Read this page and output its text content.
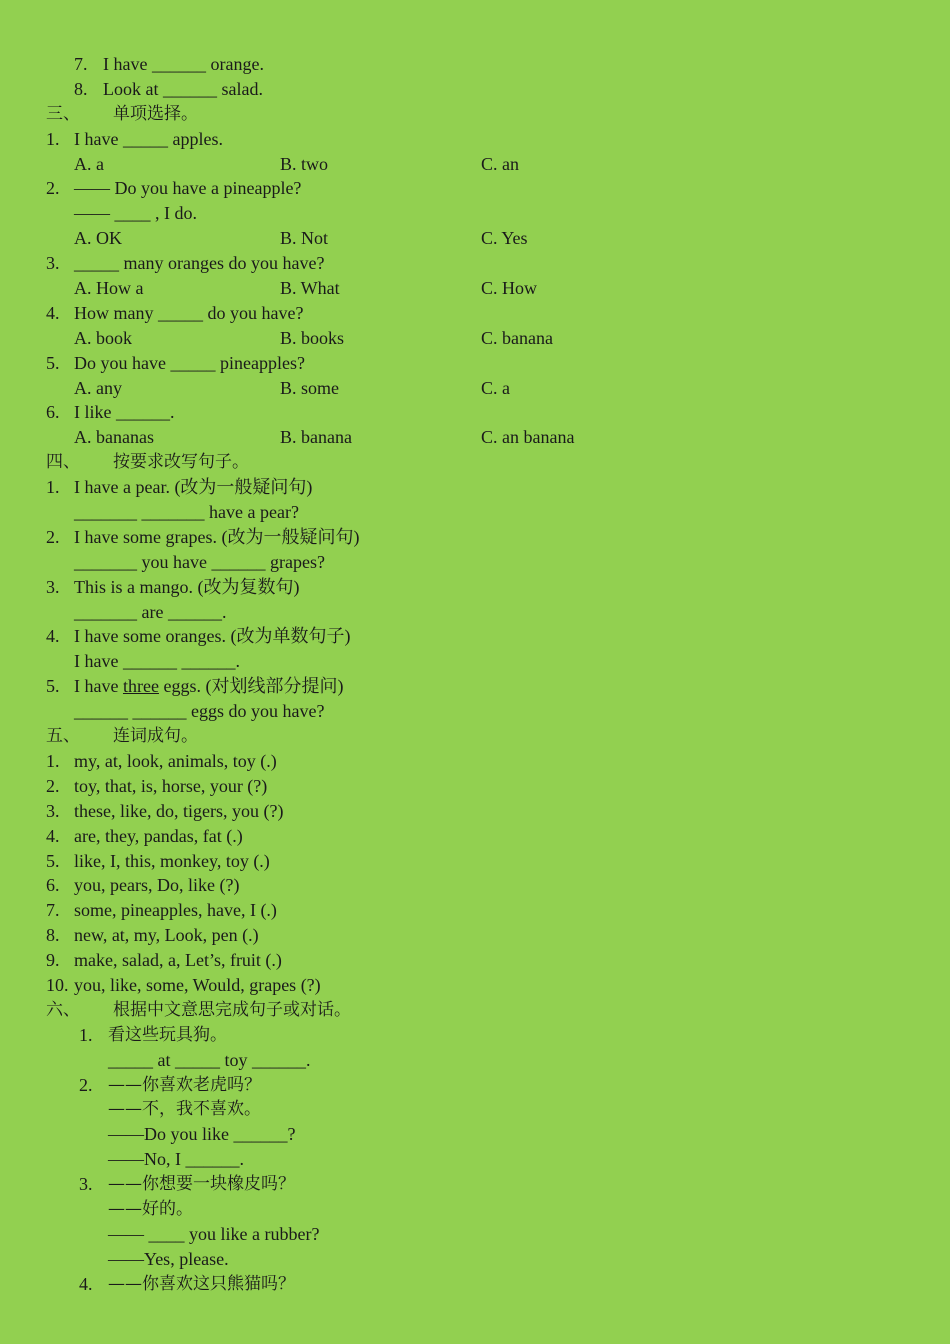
7. I have ______ orange.
8. Look at ______ salad.
三、 单项选择。
1. I have _____ apples.
A. a	B. two	C. an
2. —— Do you have a pineapple?
—— ____ , I do.
A. OK	B. Not	C. Yes
3. _____ many oranges do you have?
A. How a	B. What	C. How
4. How many _____ do you have?
A. book	B. books	C. banana
5. Do you have _____ pineapples?
A. any	B. some	C. a
6. I like ______.
A. bananas	B. banana	C. an banana
四、 按要求改写句子。
1. I have a pear. (改为一般疑问句)
_______ _______ have a pear?
2. I have some grapes. (改为一般疑问句)
_______ you have ______ grapes?
3. This is a mango. (改为复数句)
_______ are ______.
4. I have some oranges. (改为单数句子)
I have ______ ______.
5. I have three eggs. (对划线部分提问)
______ ______ eggs do you have?
五、 连词成句。
1. my, at, look, animals, toy (.)
2. toy, that, is, horse, your (?)
3. these, like, do, tigers, you (?)
4. are, they, pandas, fat (.)
5. like, I, this, monkey, toy (.)
6. you, pears, Do, like (?)
7. some, pineapples, have, I (.)
8. new, at, my, Look, pen (.)
9. make, salad, a, Let’s, fruit (.)
10. you, like, some, Would, grapes (?)
六、 根据中文意思完成句子或对话。
1. 看这些玩具狗。
_____ at _____ toy ______.
2. ——你喜欢老虎吗？
——不，我不喜欢。
——Do you like ______?
——No, I ______.
3. ——你想要一块橡皮吗？
——好的。
—— ____ you like a rubber?
——Yes, please.
4. ——你喜欢这只熊猫吗？
